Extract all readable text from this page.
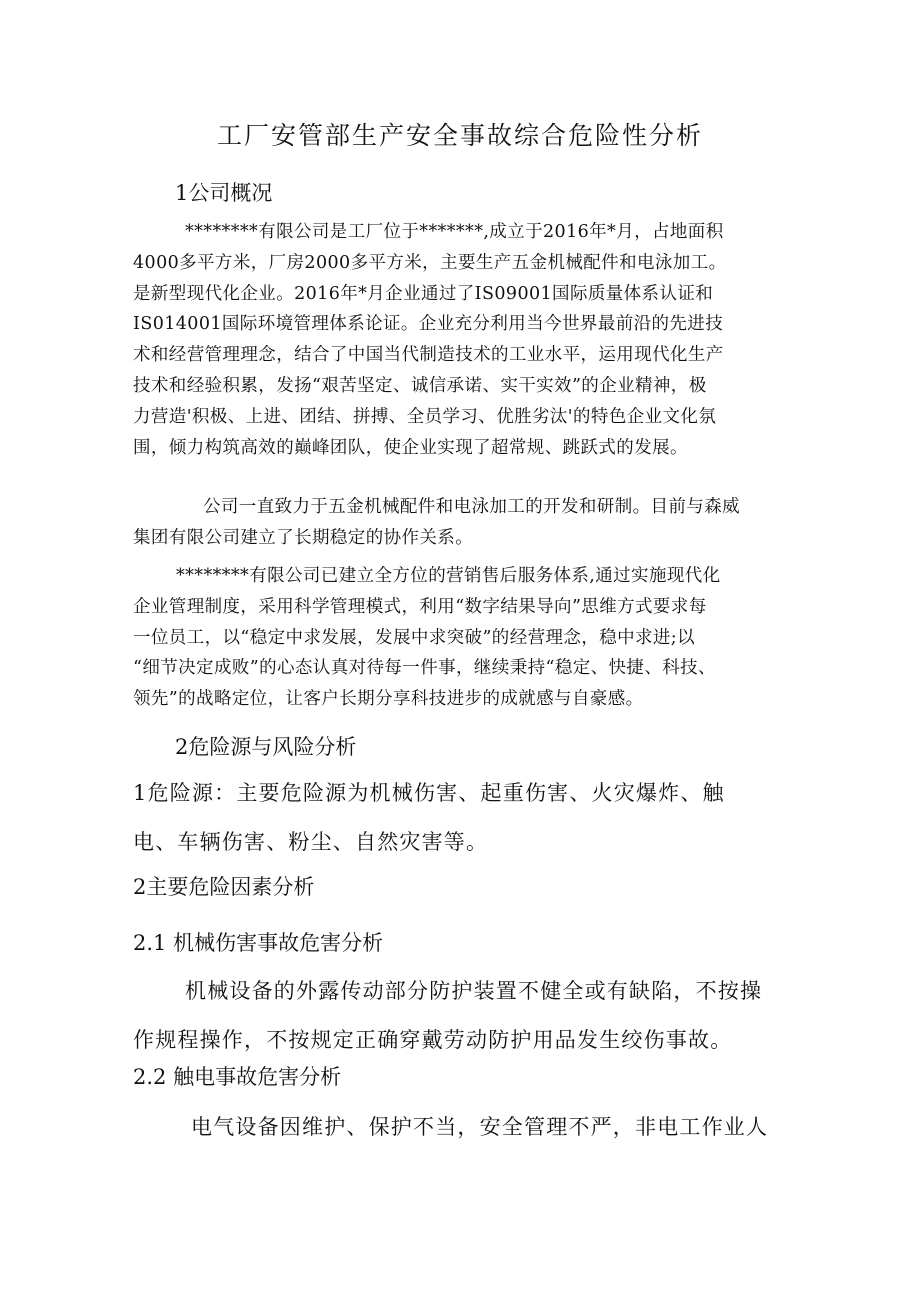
工厂安管部生产安全事故综合危险性分析
1公司概况
********有限公司是工厂位于*******,成立于2016年*月，占地面积
4000多平方米，厂房2000多平方米，主要生产五金机械配件和电泳加工。
是新型现代化企业。2016年*月企业通过了IS09001国际质量体系认证和
IS014001国际环境管理体系论证。企业充分利用当今世界最前沿的先进技
术和经营管理理念，结合了中国当代制造技术的工业水平，运用现代化生产
技术和经验积累，发扬“艰苦坚定、诚信承诺、实干实效”的企业精神，极
力营造'积极、上进、团结、拼搏、全员学习、优胜劣汰'的特色企业文化氛
围，倾力构筑高效的巅峰团队，使企业实现了超常规、跳跃式的发展。
公司一直致力于五金机械配件和电泳加工的开发和研制。目前与森威
集团有限公司建立了长期稳定的协作关系。
********有限公司已建立全方位的营销售后服务体系,通过实施现代化
企业管理制度，采用科学管理模式，利用“数字结果导向”思维方式要求每
一位员工，以“稳定中求发展，发展中求突破”的经营理念，稳中求进;以
“细节决定成败”的心态认真对待每一件事，继续秉持“稳定、快捷、科技、
领先”的战略定位，让客户长期分享科技进步的成就感与自豪感。
2危险源与风险分析
1危险源：主要危险源为机械伤害、起重伤害、火灾爆炸、触
电、车辆伤害、粉尘、自然灾害等。
2主要危险因素分析
2.1 机械伤害事故危害分析
机械设备的外露传动部分防护装置不健全或有缺陷，不按操
作规程操作，不按规定正确穿戴劳动防护用品发生绞伤事故。
2.2 触电事故危害分析
电气设备因维护、保护不当，安全管理不严，非电工作业人
